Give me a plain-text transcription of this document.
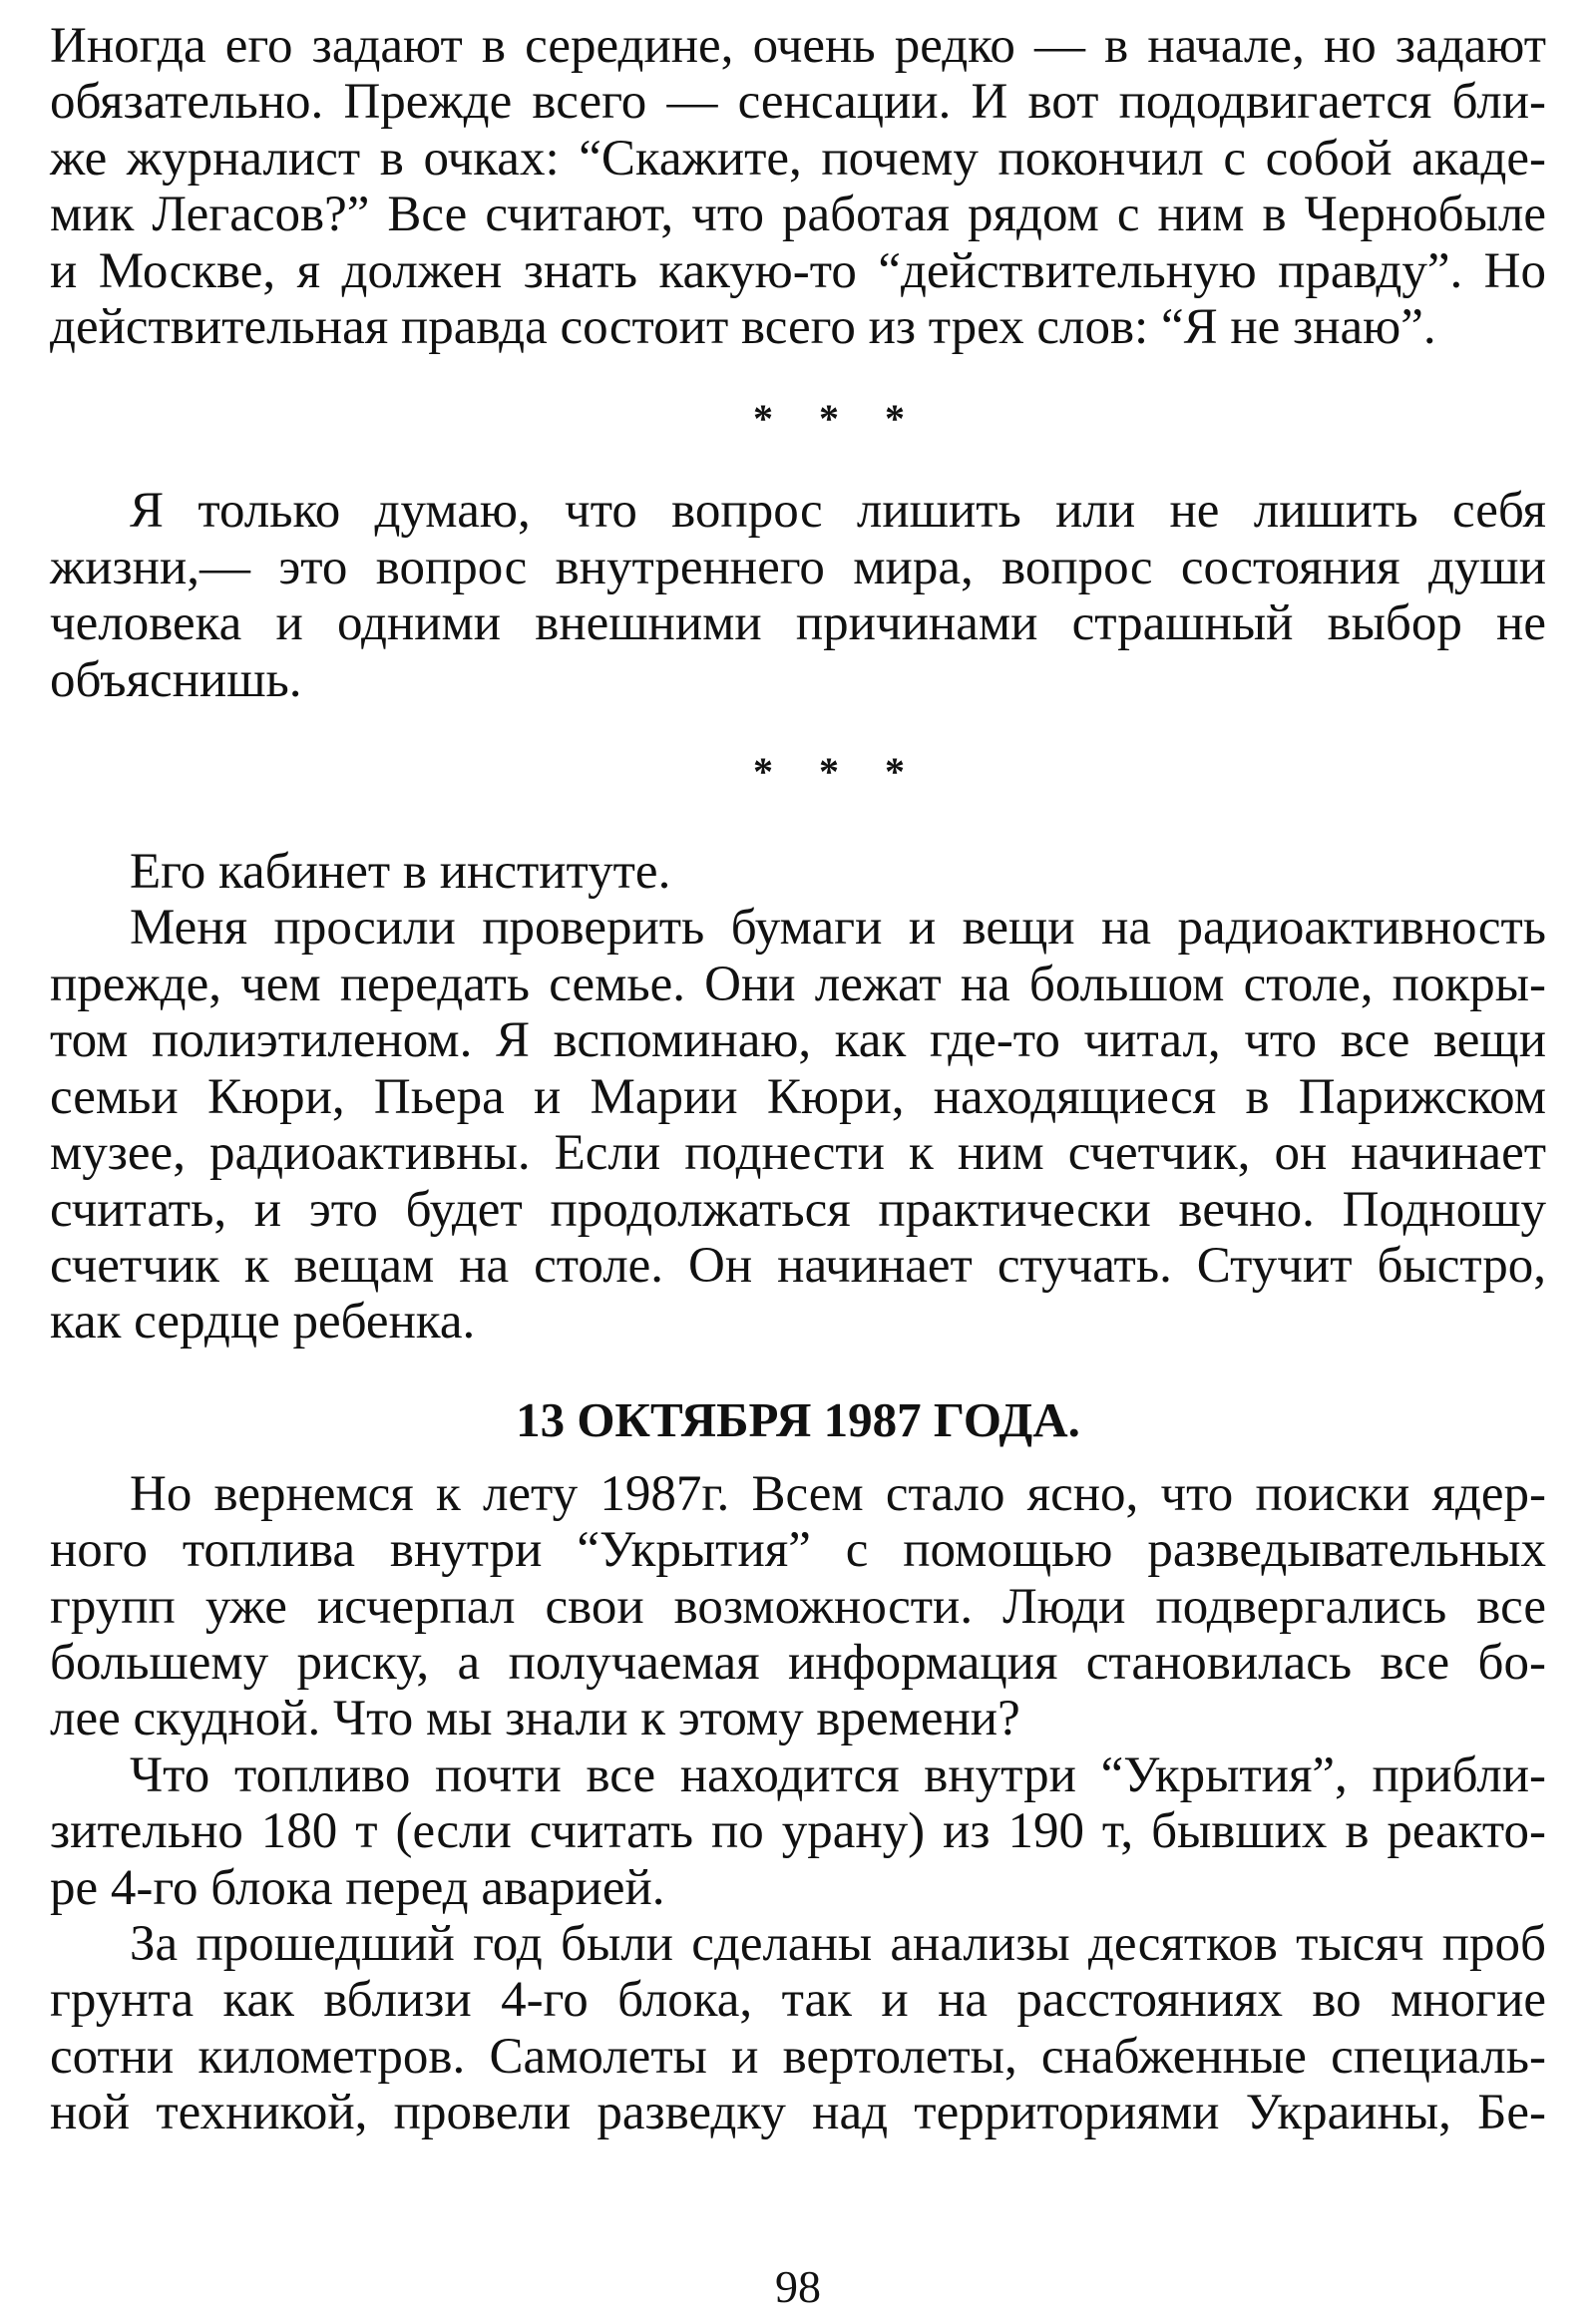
Иногда его задают в середине, очень редко — в начале, но задают
обязательно. Прежде всего — сенсации. И вот пододвигается бли-
же журналист в очках: “Скажите, почему покончил с собой акаде-
мик Легасов?” Все считают, что работая рядом с ним в Чернобыле
и Москве, я должен знать какую-то “действительную правду”. Но
действительная правда состоит всего из трех слов: “Я не знаю”.

* * *

Я только думаю, что вопрос лишить или не лишить себя
жизни,— это вопрос внутреннего мира, вопрос состояния души
человека и одними внешними причинами страшный выбор не
объяснишь.

* * *

Его кабинет в институте.

Меня просили проверить бумаги и вещи на радиоактивность
прежде, чем передать семье. Они лежат на большом столе, покры-
том полиэтиленом. Я вспоминаю, как где-то читал, что все вещи
семьи Кюри, Пьера и Марии Кюри, находящиеся в Парижском
музее, радиоактивны. Если поднести к ним счетчик, он начинает
считать, и это будет продолжаться практически вечно. Подношу
счетчик к вещам на столе. Он начинает стучать. Стучит быстро,
как сердце ребенка.

13 ОКТЯБРЯ 1987 ГОДА.

Но вернемся к лету 1987г. Всем стало ясно, что поиски ядер-
ного топлива внутри “Укрытия” с помощью разведывательных
групп уже исчерпал свои возможности. Люди подвергались все
большему риску, а получаемая информация становилась все бо-
лее скудной. Что мы знали к этому времени?

Что топливо почти все находится внутри “Укрытия”, прибли-
зительно 180 т (если считать по урану) из 190 т, бывших в реакто-
ре 4-го блока перед аварией.

За прошедший год были сделаны анализы десятков тысяч проб
грунта как вблизи 4-го блока, так и на расстояниях во многие
сотни километров. Самолеты и вертолеты, снабженные специаль-
ной техникой, провели разведку над территориями Украины, Бе-

98
